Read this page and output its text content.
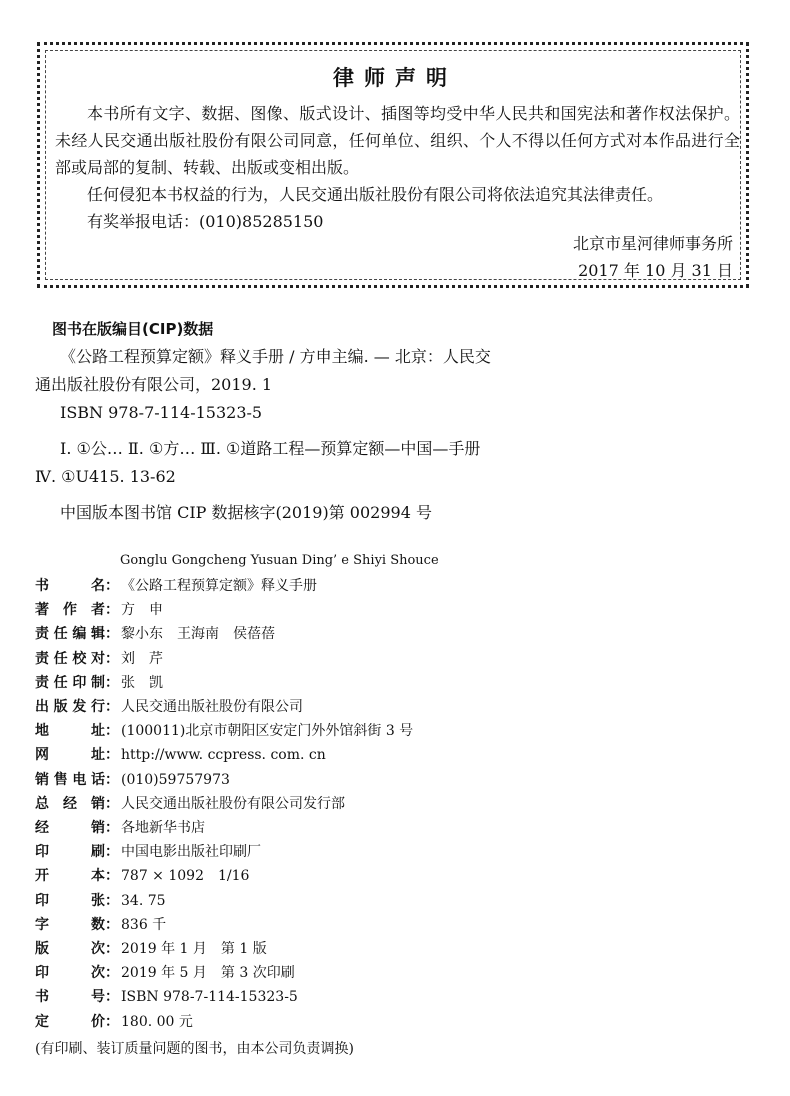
律师声明

本书所有文字、数据、图像、版式设计、插图等均受中华人民共和国宪法和著作权法保护。未经人民交通出版社股份有限公司同意，任何单位、组织、个人不得以任何方式对本作品进行全部或局部的复制、转载、出版或变相出版。

任何侵犯本书权益的行为，人民交通出版社股份有限公司将依法追究其法律责任。

有奖举报电话：(010)85285150

北京市星河律师事务所
2017 年 10 月 31 日
图书在版编目(CIP)数据
《公路工程预算定额》释义手册 / 方申主编. — 北京：人民交通出版社股份有限公司，2019. 1
ISBN 978-7-114-15323-5
Ⅰ. ①公… Ⅱ. ①方… Ⅲ. ①道路工程—预算定额—中国—手册 Ⅳ. ①U415. 13-62
中国版本图书馆 CIP 数据核字(2019)第 002994 号
Gonglu Gongcheng Yusuan Ding’ e Shiyi Shouce
书	名 ： 《公路工程预算定额》释义手册
著 作 者 ： 方　申
责 任 编 辑 ： 黎小东　王海南　侯蓓蓓
责 任 校 对 ： 刘　芹
责 任 印 制 ： 张　凯
出 版 发 行 ： 人民交通出版社股份有限公司
地	址 ： (100011)北京市朝阳区安定门外外馆斜街 3 号
网	址 ： http://www. ccpress. com. cn
销 售 电 话 ： (010)59757973
总 经 销 ： 人民交通出版社股份有限公司发行部
经	销 ： 各地新华书店
印	刷 ： 中国电影出版社印刷厂
开	本 ： 787 × 1092　1/16
印	张 ： 34. 75
字	数 ： 836 千
版	次 ： 2019 年 1 月　第 1 版
印	次 ： 2019 年 5 月　第 3 次印刷
书	号 ： ISBN 978-7-114-15323-5
定	价 ： 180. 00 元
(有印刷、装订质量问题的图书，由本公司负责调换)
